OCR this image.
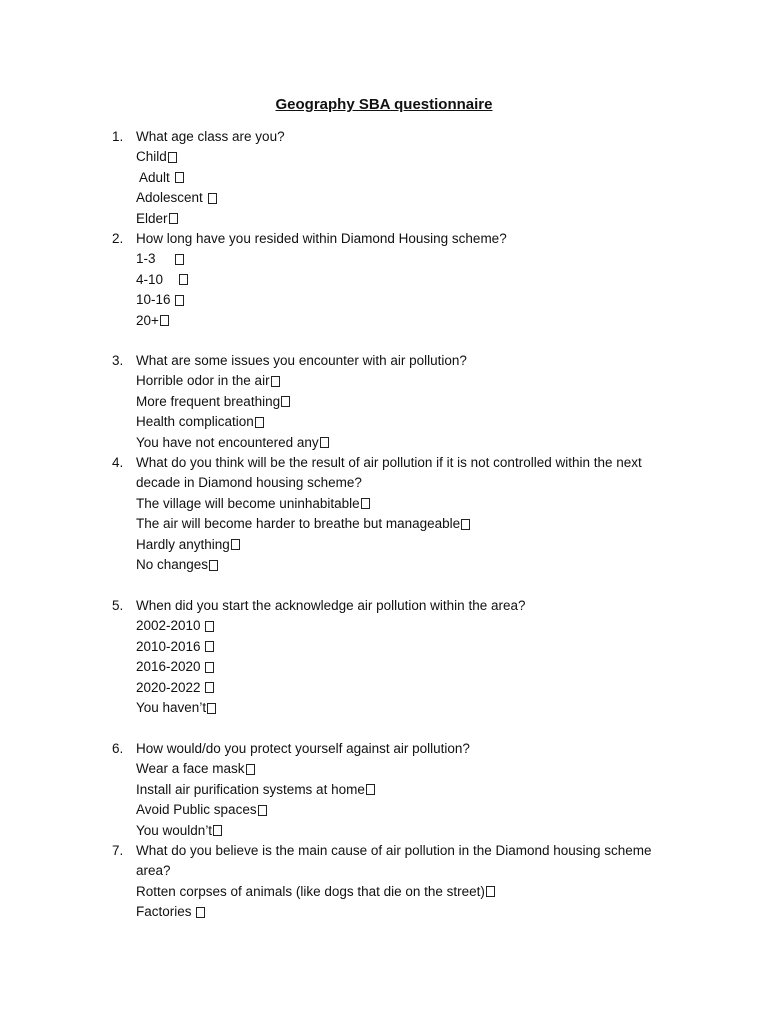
Geography SBA questionnaire
1. What age class are you?
Child
Adult
Adolescent
Elder
2. How long have you resided within Diamond Housing scheme?
1-3
4-10
10-16
20+
3. What are some issues you encounter with air pollution?
Horrible odor in the air
More frequent breathing
Health complication
You have not encountered any
4. What do you think will be the result of air pollution if it is not controlled within the next
decade in Diamond housing scheme?
The village will become uninhabitable
The air will become harder to breathe but manageable
Hardly anything
No changes
5. When did you start the acknowledge air pollution within the area?
2002-2010
2010-2016
2016-2020
2020-2022
You haven’t
6. How would/do you protect yourself against air pollution?
Wear a face mask
Install air purification systems at home
Avoid Public spaces
You wouldn’t
7. What do you believe is the main cause of air pollution in the Diamond housing scheme
area?
Rotten corpses of animals (like dogs that die on the street)
Factories
